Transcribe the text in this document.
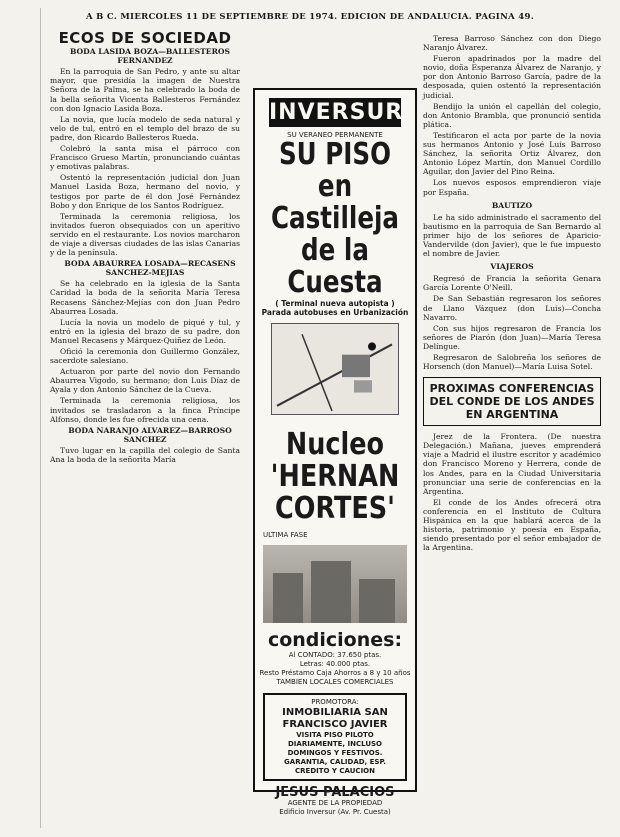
A B C. MIERCOLES 11 DE SEPTIEMBRE DE 1974. EDICION DE ANDALUCIA. PAGINA 49.
ECOS DE SOCIEDAD

BODA LASIDA BOZA—BALLESTEROS FERNANDEZ

En la parroquia de San Pedro, y ante su altar mayor, que presidía la imagen de Nuestra Señora de la Palma, se ha celebrado la boda de la bella señorita Vicenta Ballesteros Fernández con don Ignacio Lasida Boza.

La novia, que lucía modelo de seda natural y velo de tul, entró en el templo del brazo de su padre, don Ricardo Ballesteros Rueda.

Colebró la santa misa el párroco con Francisco Grueso Martín, pronunciando cuántas y emotivas palabras.

Ostentó la representación judicial don Juan Manuel Lasida Boza, hermano del novio, y testigos por parte de él don José Fernández Bobo y don Enrique de los Santos Rodríguez.

Terminada la ceremonia religiosa, los invitados fueron obsequiados con un aperitivo servido en el restaurante. Los novios marcharon de viaje a diversas ciudades de las islas Canarias y de la península.

BODA ABAURREA LOSADA—RECASENS SANCHEZ-MEJIAS

Se ha celebrado en la iglesia de la Santa Caridad la boda de la señorita María Teresa Recasens Sánchez-Mejías con don Juan Pedro Abaurrea Losada.

Lucía la novia un modelo de piqué y tul, y entró en la iglesia del brazo de su padre, don Manuel Recasens y Márquez-Quiñez de León.

Ofició la ceremonia don Guillermo González, sacerdote salesiano.

Actuaron por parte del novio don Fernando Abaurrea Vigodo, su hermano; don Luis Díaz de Ayala y don Antonio Sánchez de la Cueva.

Terminada la ceremonia religiosa, los invitados se trasladaron a la finca Príncipe Alfonso, donde les fue ofrecida una cena.

BODA NARANJO ALVAREZ—BARROSO SANCHEZ

Tuvo lugar en la capilla del colegio de Santa Ana la boda de la señorita María

INVERSUR
SU VERANEO PERMANENTE
SU PISO
en Castilleja
de la Cuesta
( Terminal nueva autopista )
Parada autobuses en Urbanización
Nucleo
'HERNAN
CORTES'
ULTIMA FASE
condiciones:
Al CONTADO: 37.650 ptas.
Letras: 40.000 ptas.
Resto Préstamo Caja Ahorros a 8 y 10 años
TAMBIEN LOCALES COMERCIALES
PROMOTORA:
INMOBILIARIA SAN FRANCISCO JAVIER
VISITA PISO PILOTO DIARIAMENTE, INCLUSO DOMINGOS Y FESTIVOS. GARANTIA, CALIDAD, ESP. CREDITO Y CAUCION
JESUS PALACIOS
AGENTE DE LA PROPIEDAD
Edificio Inversur (Av. Pr. Cuesta)

Teresa Barroso Sánchez con don Diego Naranjo Álvarez.

Fueron apadrinados por la madre del novio, doña Esperanza Álvarez de Naranjo, y por don Antonio Barroso García, padre de la desposada, quien ostentó la representación judicial.

Bendijo la unión el capellán del colegio, don Antonio Brambla, que pronunció sentida plática.

Testificaron el acta por parte de la novia sus hermanos Antonio y José Luis Barroso Sánchez, la señorita Ortiz Álvarez, don Antonio López Martín, don Manuel Cordillo Aguilar, don Javier del Pino Reina.

Los nuevos esposos emprendieron viaje por España.

BAUTIZO

Le ha sido administrado el sacramento del bautismo en la parroquia de San Bernardo al primer hijo de los señores de Aparicio-Vandervilde (don Javier), que le fue impuesto el nombre de Javier.

VIAJEROS

Regresó de Francia la señorita Genara García Lorente O'Neill.

De San Sebastián regresaron los señores de Llano Vázquez (don Luis)—Concha Navarro.

Con sus hijos regresaron de Francia los señores de Piarón (don Juan)—María Teresa Delíngue.

Regresaron de Salobreña los señores de Horsench (don Manuel)—María Luisa Sotel.

PROXIMAS CONFERENCIAS DEL CONDE DE LOS ANDES EN ARGENTINA

Jerez de la Frontera. (De nuestra Delegación.) Mañana, jueves emprenderá viaje a Madrid el ilustre escritor y académico don Francisco Moreno y Herrera, conde de los Andes, para en la Ciudad Universitaria pronunciar una serie de conferencias en la Argentina.

El conde de los Andes ofrecerá otra conferencia en el Instituto de Cultura Hispánica en la que hablará acerca de la historia, patrimonio y poesía en España, siendo presentado por el señor embajador de la Argentina.
